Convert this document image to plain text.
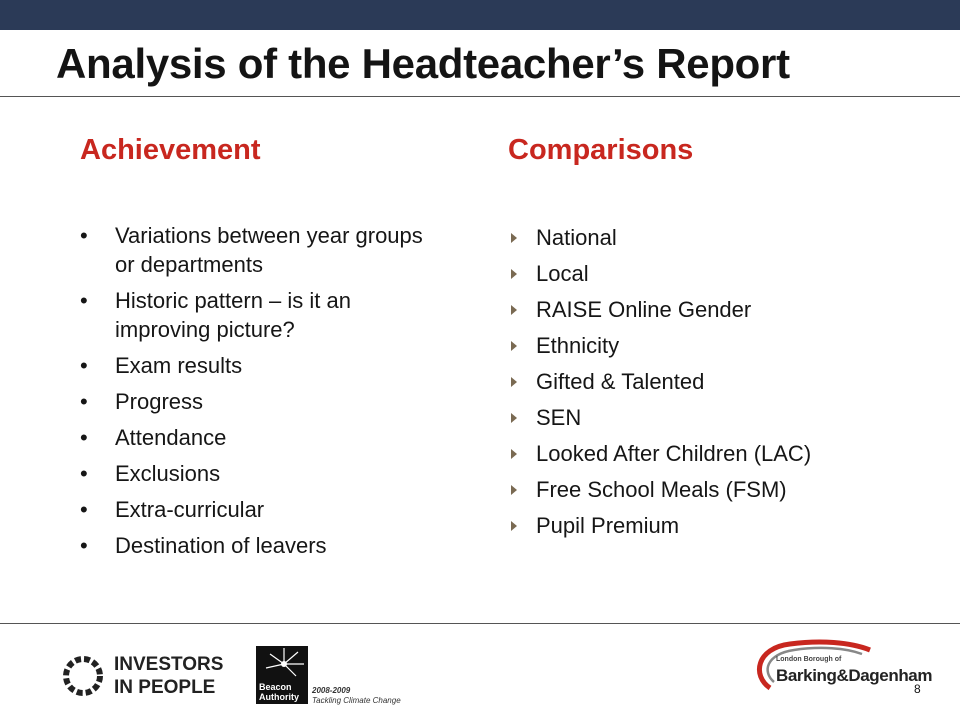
Analysis of the Headteacher’s Report
Achievement
• Variations between year groups or departments
• Historic pattern – is it an improving picture?
• Exam results
• Progress
• Attendance
• Exclusions
• Extra-curricular
• Destination of leavers
Comparisons
National
Local
RAISE Online Gender
Ethnicity
Gifted & Talented
SEN
Looked After Children (LAC)
Free School Meals (FSM)
Pupil Premium
INVESTORS
IN PEOPLE	Beacon
Authority
2008-2009
Tackling Climate Change
London Borough of
Barking&Dagenham
8
